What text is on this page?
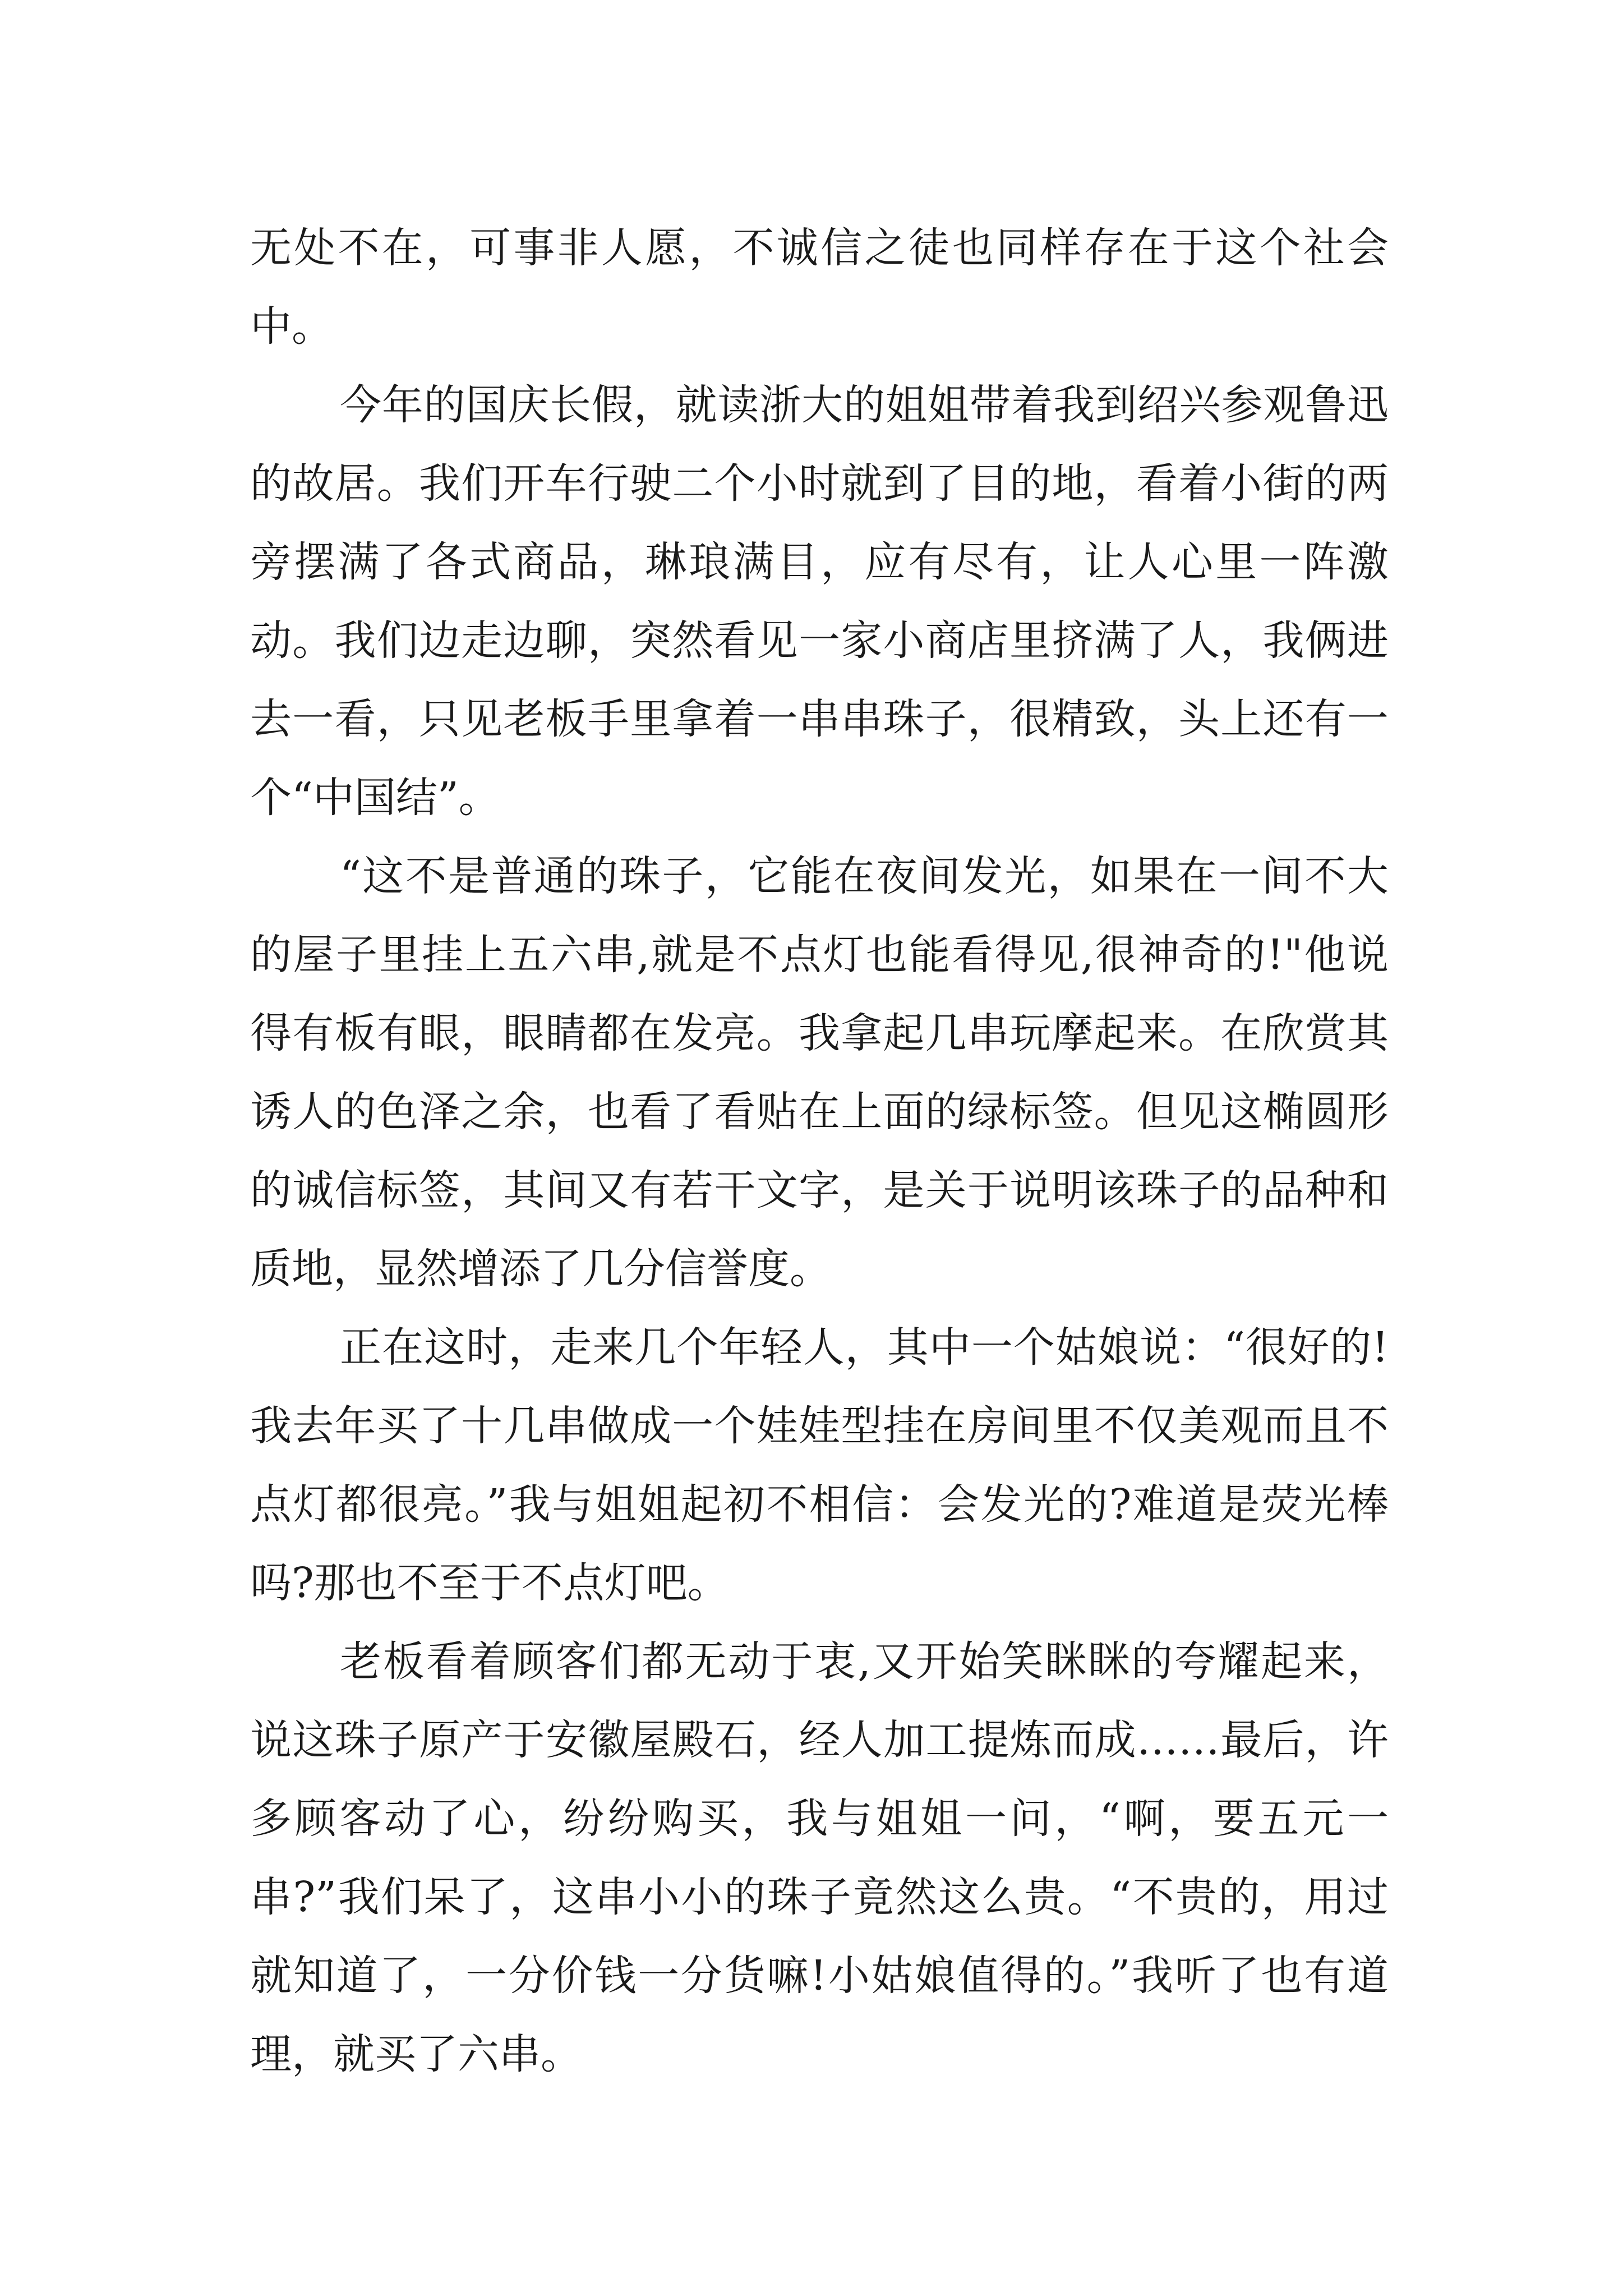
无处不在，可事非人愿，不诚信之徒也同样存在于这个社会中。

今年的国庆长假，就读浙大的姐姐带着我到绍兴参观鲁迅的故居。我们开车行驶二个小时就到了目的地，看着小街的两旁摆满了各式商品，琳琅满目，应有尽有，让人心里一阵激动。我们边走边聊，突然看见一家小商店里挤满了人，我俩进去一看，只见老板手里拿着一串串珠子，很精致，头上还有一个“中国结”。

“这不是普通的珠子，它能在夜间发光，如果在一间不大的屋子里挂上五六串,就是不点灯也能看得见,很神奇的!"他说得有板有眼，眼睛都在发亮。我拿起几串玩摩起来。在欣赏其诱人的色泽之余，也看了看贴在上面的绿标签。但见这椭圆形的诚信标签，其间又有若干文字，是关于说明该珠子的品种和质地，显然增添了几分信誉度。

正在这时，走来几个年轻人，其中一个姑娘说：“很好的!我去年买了十几串做成一个娃娃型挂在房间里不仅美观而且不点灯都很亮。”我与姐姐起初不相信：会发光的?难道是荧光棒吗?那也不至于不点灯吧。

老板看着顾客们都无动于衷,又开始笑眯眯的夸耀起来，说这珠子原产于安徽屋殿石，经人加工提炼而成……最后，许多顾客动了心，纷纷购买，我与姐姐一问，“啊，要五元一串?”我们呆了，这串小小的珠子竟然这么贵。“不贵的，用过就知道了，一分价钱一分货嘛!小姑娘值得的。”我听了也有道理，就买了六串。
